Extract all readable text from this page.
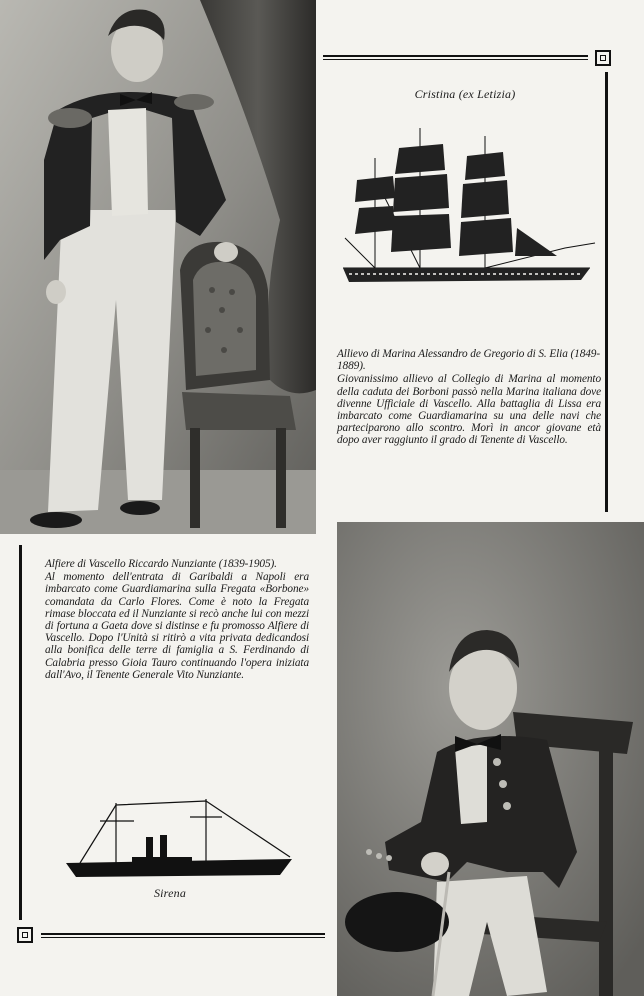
Cristina (ex Letizia)
Allievo di Marina Alessandro de Gregorio di S. Elia (1849-1889).
Giovanissimo allievo al Collegio di Marina al momento della caduta dei Borboni passò nella Marina italiana dove divenne Ufficiale di Vascello. Alla battaglia di Lissa era imbarcato come Guardiamarina su una delle navi che parteciparono allo scontro. Morì in ancor giovane età dopo aver raggiunto il grado di Tenente di Vascello.
Alfiere di Vascello Riccardo Nunziante (1839-1905).
Al momento dell'entrata di Garibaldi a Napoli era imbarcato come Guardiamarina sulla Fregata «Borbone» comandata da Carlo Flores. Come è noto la Fregata rimase bloccata ed il Nunziante si recò anche lui con mezzi di fortuna a Gaeta dove si distinse e fu promosso Alfiere di Vascello. Dopo l'Unità si ritirò a vita privata dedicandosi alla bonifica delle terre di famiglia a S. Ferdinando di Calabria presso Gioia Tauro continuando l'opera iniziata dall'Avo, il Tenente Generale Vito Nunziante.
Sirena
